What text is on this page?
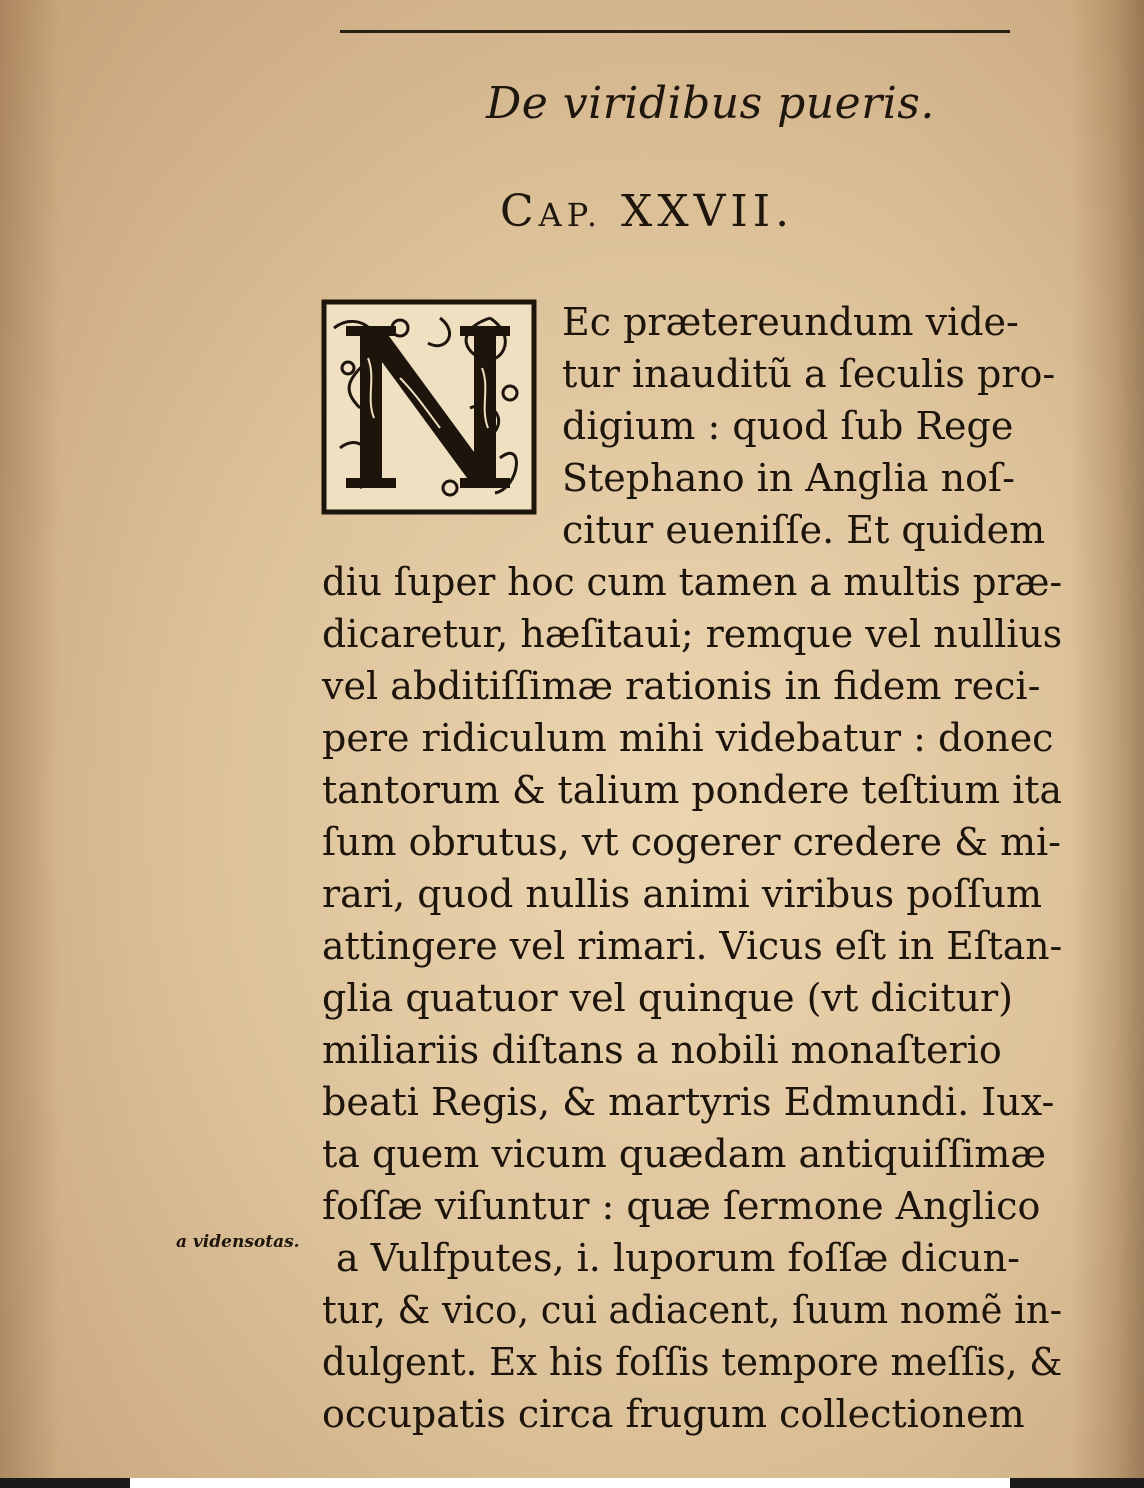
De viridibus pueris.
CAP. XXVII.
Ec prætereundum vide-
tur inauditũ a ſeculis pro-
digium : quod ſub Rege
Stephano in Anglia noſ-
citur eueniſſe. Et quidem
diu ſuper hoc cum tamen a multis præ-
dicaretur, hæſitaui; remque vel nullius
vel abditiſſimæ rationis in fidem reci-
pere ridiculum mihi videbatur : donec
tantorum & talium pondere teſtium ita
ſum obrutus, vt cogerer credere & mi-
rari, quod nullis animi viribus poſſum
attingere vel rimari. Vicus eſt in Eſtan-
glia quatuor vel quinque (vt dicitur)
miliariis diſtans a nobili monaſterio
beati Regis, & martyris Edmundi. Iux-
ta quem vicum quædam antiquiſſimæ
foſſæ viſuntur : quæ ſermone Anglico
a Vulfputes, i. luporum foſſæ dicun-
tur, & vico, cui adiacent, ſuum nomẽ in-
dulgent. Ex his foſſis tempore meſſis, &
occupatis circa frugum collectionem
a vidensotas.
